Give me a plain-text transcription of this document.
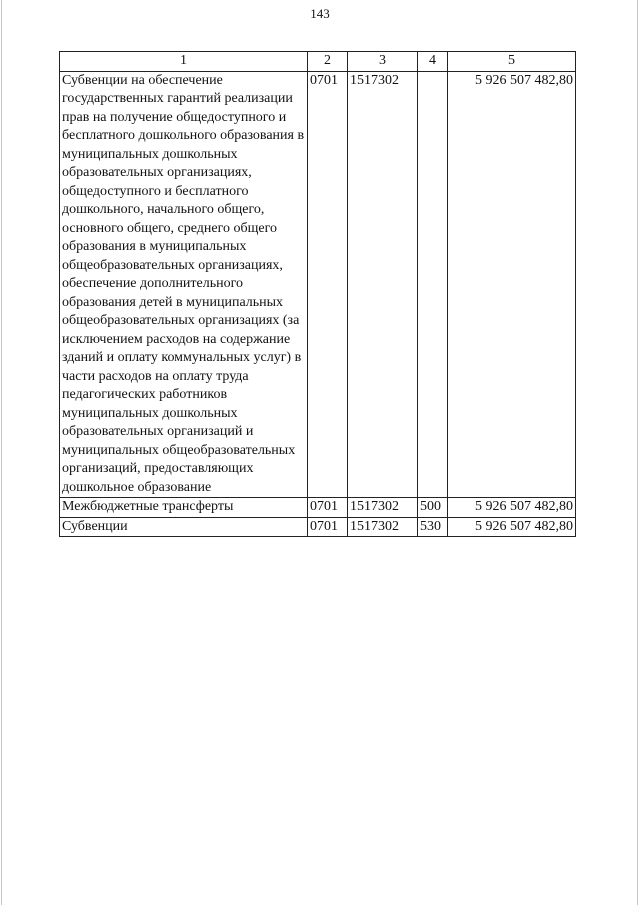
143
1	2	3	4	5
Субвенции на обеспечение государственных гарантий реализации прав на получение общедоступного и бесплатного дошкольного образования в муниципальных дошкольных образовательных организациях, общедоступного и бесплатного дошкольного, начального общего, основного общего, среднего общего образования в муниципальных общеобразовательных организациях, обеспечение дополнительного образования детей в муниципальных общеобразовательных организациях (за исключением расходов на содержание зданий и оплату коммунальных услуг) в части расходов на оплату труда педагогических работников муниципальных дошкольных образовательных организаций и муниципальных общеобразовательных организаций, предоставляющих дошкольное образование	0701	1517302		5 926 507 482,80
Межбюджетные трансферты	0701	1517302	500	5 926 507 482,80
Субвенции	0701	1517302	530	5 926 507 482,80
